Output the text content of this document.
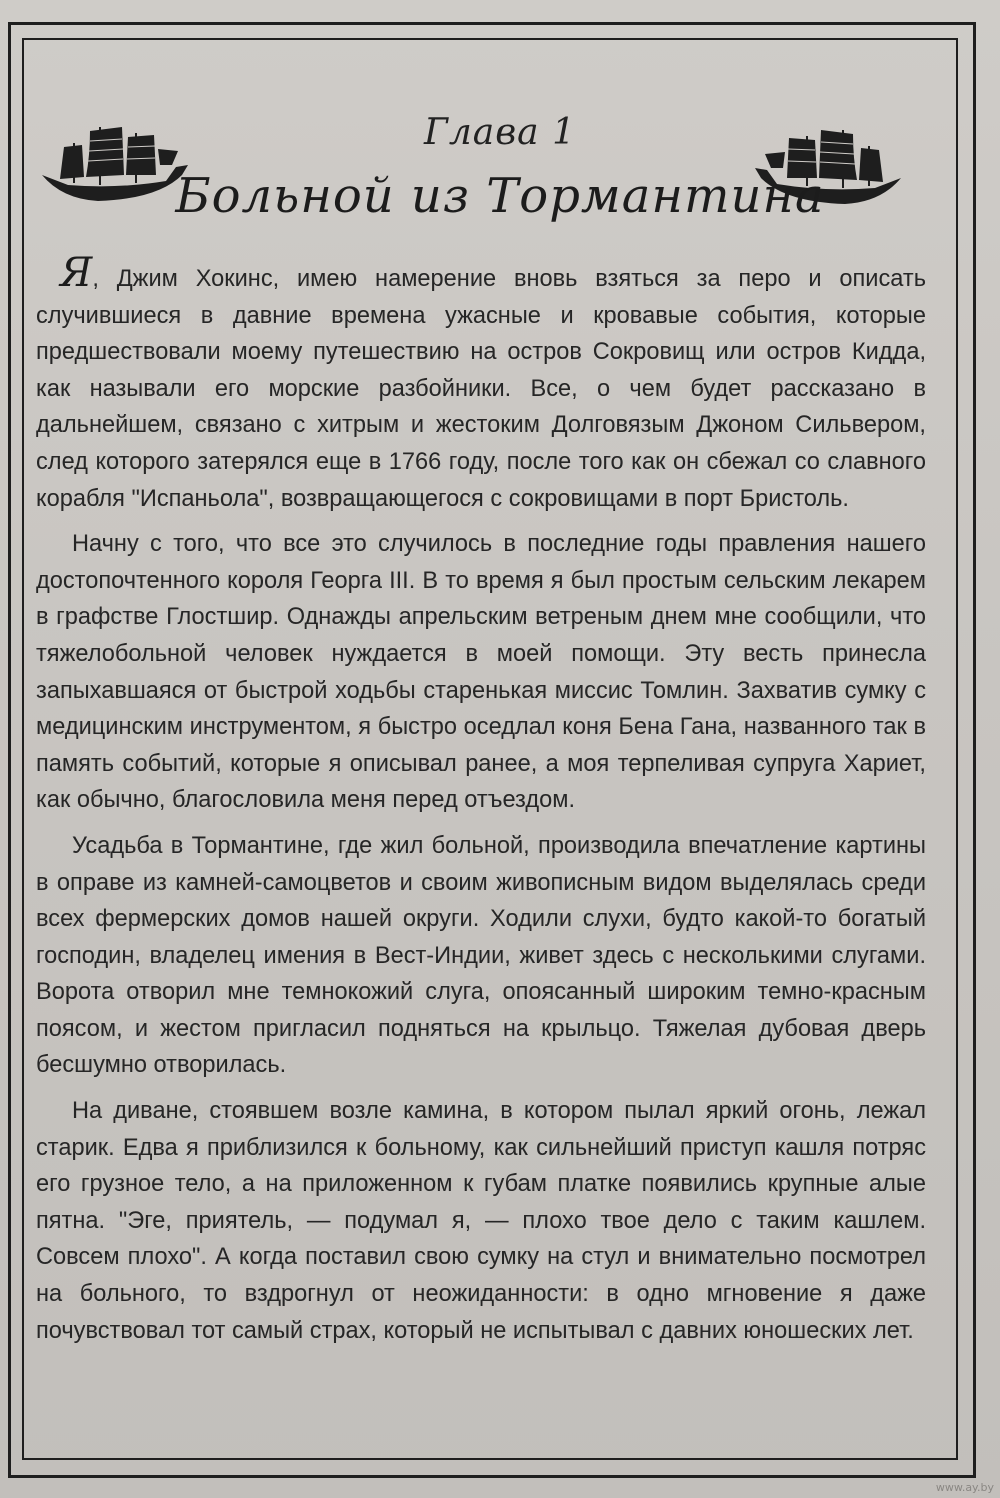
Глава 1
Больной из Тормантина

Я, Джим Хокинс, имею намерение вновь взяться за перо и описать случившиеся в давние времена ужасные и кровавые события, которые предшествовали моему путешествию на остров Сокровищ или остров Кидда, как называли его морские разбойники. Все, о чем будет рассказано в дальнейшем, связано с хитрым и жестоким Долговязым Джоном Сильвером, след которого затерялся еще в 1766 году, после того как он сбежал со славного корабля "Испаньола", возвращающегося с сокровищами в порт Бристоль.

Начну с того, что все это случилось в последние годы правления нашего достопочтенного короля Георга III. В то время я был простым сельским лекарем в графстве Глостшир. Однажды апрельским ветреным днем мне сообщили, что тяжелобольной человек нуждается в моей помощи. Эту весть принесла запыхавшаяся от быстрой ходьбы старенькая миссис Томлин. Захватив сумку с медицинским инструментом, я быстро оседлал коня Бена Гана, названного так в память событий, которые я описывал ранее, а моя терпеливая супруга Хариет, как обычно, благословила меня перед отъездом.

Усадьба в Тормантине, где жил больной, производила впечатление картины в оправе из камней-самоцветов и своим живописным видом выделялась среди всех фермерских домов нашей округи. Ходили слухи, будто какой-то богатый господин, владелец имения в Вест-Индии, живет здесь с несколькими слугами. Ворота отворил мне темнокожий слуга, опоясанный широким темно-красным поясом, и жестом пригласил подняться на крыльцо. Тяжелая дубовая дверь бесшумно отворилась.

На диване, стоявшем возле камина, в котором пылал яркий огонь, лежал старик. Едва я приблизился к больному, как сильнейший приступ кашля потряс его грузное тело, а на приложенном к губам платке появились крупные алые пятна. "Эге, приятель, — подумал я, — плохо твое дело с таким кашлем. Совсем плохо". А когда поставил свою сумку на стул и внимательно посмотрел на больного, то вздрогнул от неожиданности: в одно мгновение я даже почувствовал тот самый страх, который не испытывал с давних юношеских лет.

www.ay.by
